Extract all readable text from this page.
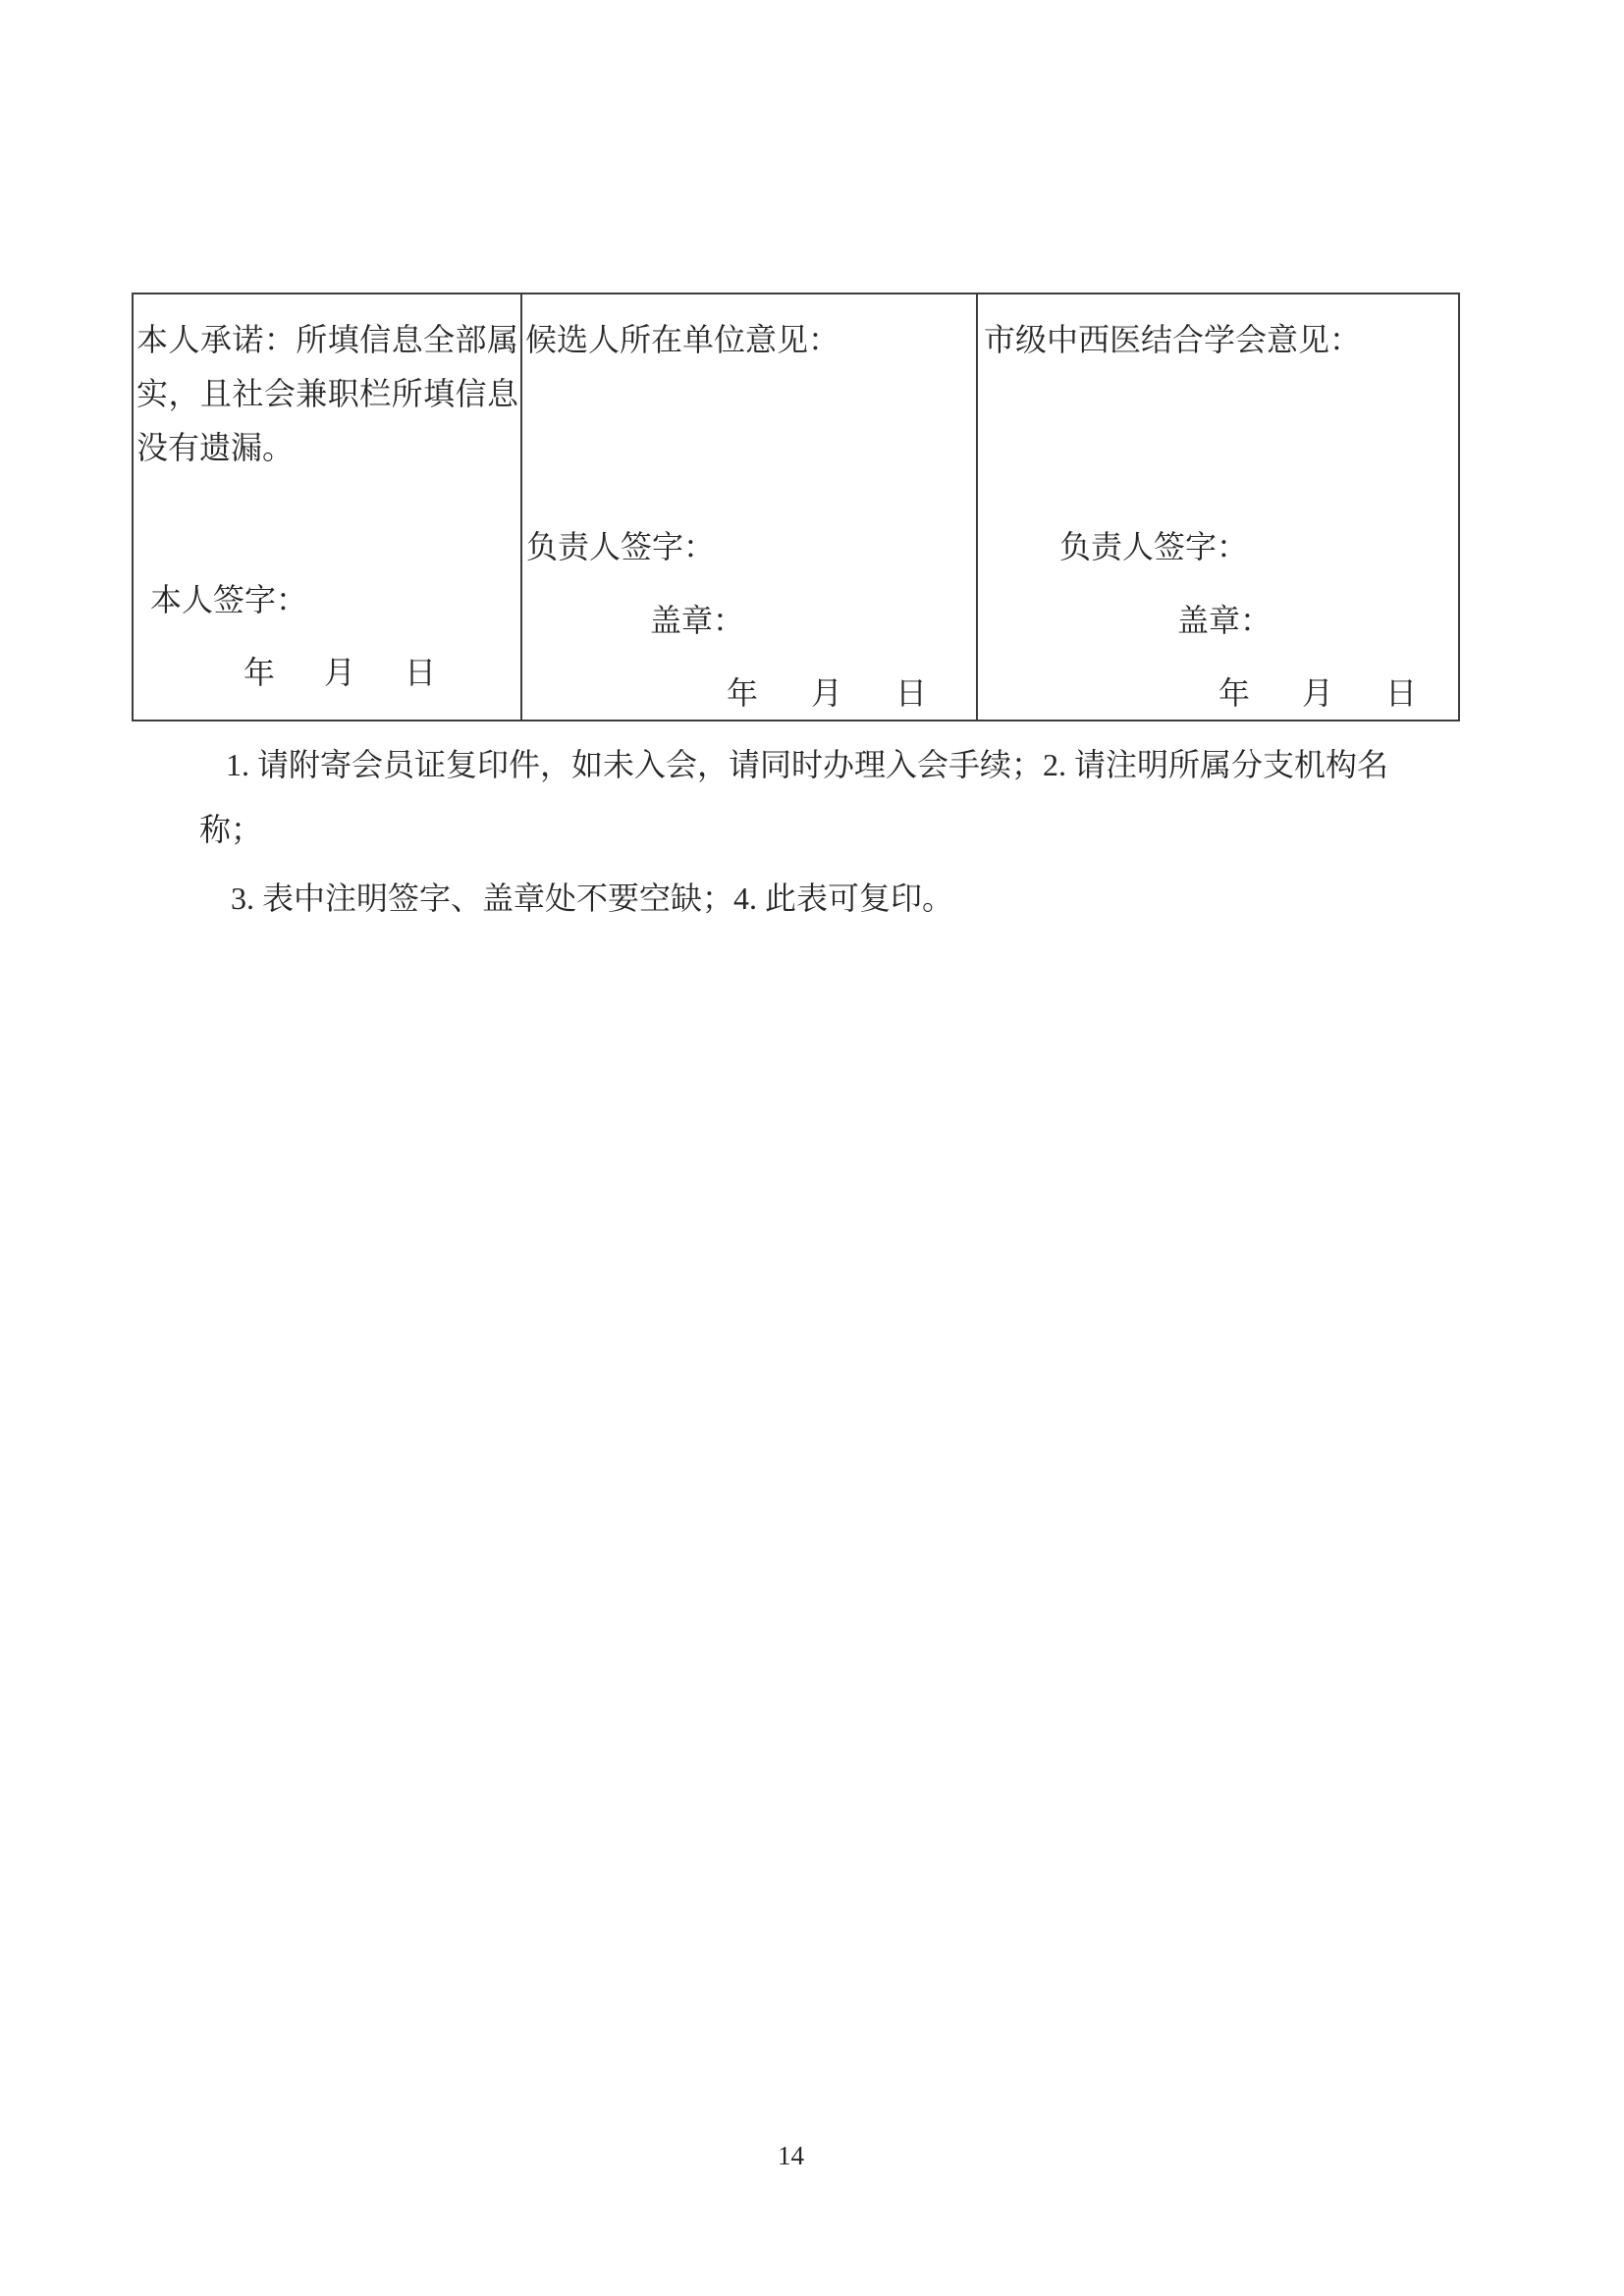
本人承诺：所填信息全部属实，且社会兼职栏所填信息没有遗漏。
本人签字：
年 月 日
候选人所在单位意见：
负责人签字：
盖章：
年 月 日
市级中西医结合学会意见：
负责人签字：
盖章：
年 月 日
1. 请附寄会员证复印件，如未入会，请同时办理入会手续；2. 请注明所属分支机构名
称；
3. 表中注明签字、盖章处不要空缺；4. 此表可复印。
14
